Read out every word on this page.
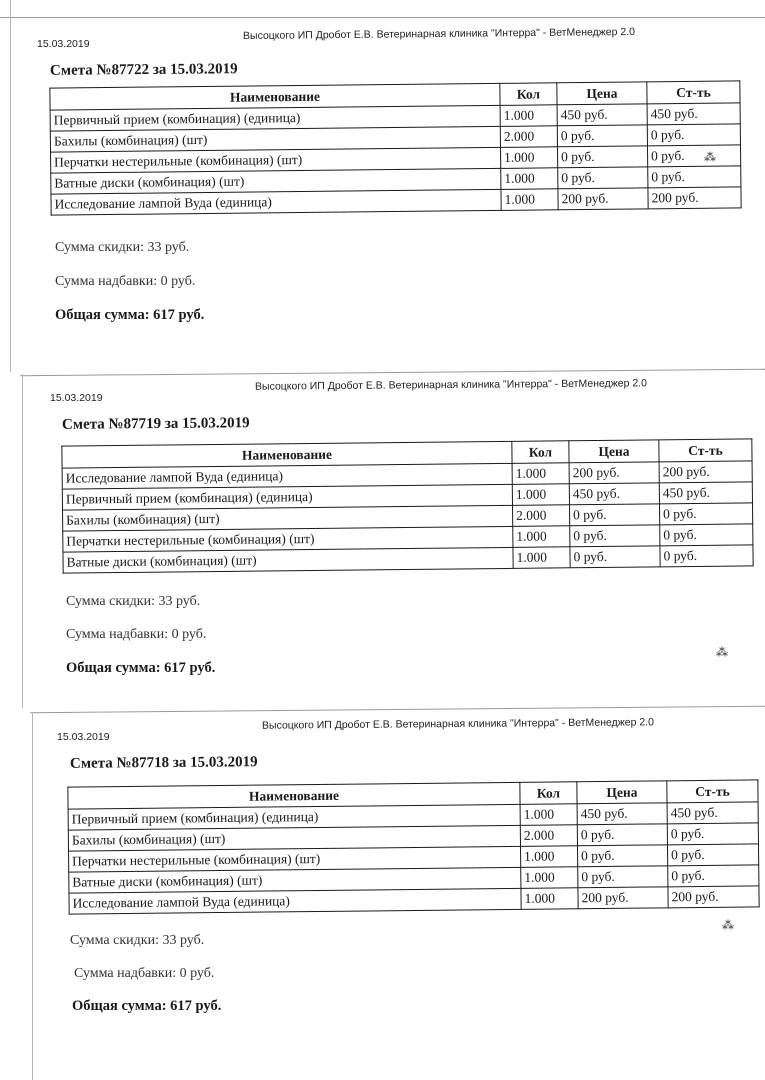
15.03.2019
Высоцкого ИП Дробот Е.В. Ветеринарная клиника "Интерра" - ВетМенеджер 2.0
Смета №87722 за 15.03.2019
Наименование	Кол	Цена	Ст-ть
Первичный прием (комбинация) (единица)	1.000	450 руб.	450 руб.
Бахилы (комбинация) (шт)	2.000	0 руб.	0 руб.
Перчатки нестерильные (комбинация) (шт)	1.000	0 руб.	0 руб.
Ватные диски (комбинация) (шт)	1.000	0 руб.	0 руб.
Исследование лампой Вуда (единица)	1.000	200 руб.	200 руб.
Сумма скидки: 33 руб.
Сумма надбавки: 0 руб.
Общая сумма: 617 руб.
⁂
15.03.2019
Высоцкого ИП Дробот Е.В. Ветеринарная клиника "Интерра" - ВетМенеджер 2.0
Смета №87719 за 15.03.2019
Наименование	Кол	Цена	Ст-ть
Исследование лампой Вуда (единица)	1.000	200 руб.	200 руб.
Первичный прием (комбинация) (единица)	1.000	450 руб.	450 руб.
Бахилы (комбинация) (шт)	2.000	0 руб.	0 руб.
Перчатки нестерильные (комбинация) (шт)	1.000	0 руб.	0 руб.
Ватные диски (комбинация) (шт)	1.000	0 руб.	0 руб.
Сумма скидки: 33 руб.
Сумма надбавки: 0 руб.
Общая сумма: 617 руб.
⁂
15.03.2019
Высоцкого ИП Дробот Е.В. Ветеринарная клиника "Интерра" - ВетМенеджер 2.0
Смета №87718 за 15.03.2019
Наименование	Кол	Цена	Ст-ть
Первичный прием (комбинация) (единица)	1.000	450 руб.	450 руб.
Бахилы (комбинация) (шт)	2.000	0 руб.	0 руб.
Перчатки нестерильные (комбинация) (шт)	1.000	0 руб.	0 руб.
Ватные диски (комбинация) (шт)	1.000	0 руб.	0 руб.
Исследование лампой Вуда (единица)	1.000	200 руб.	200 руб.
Сумма скидки: 33 руб.
Сумма надбавки: 0 руб.
Общая сумма: 617 руб.
⁂
